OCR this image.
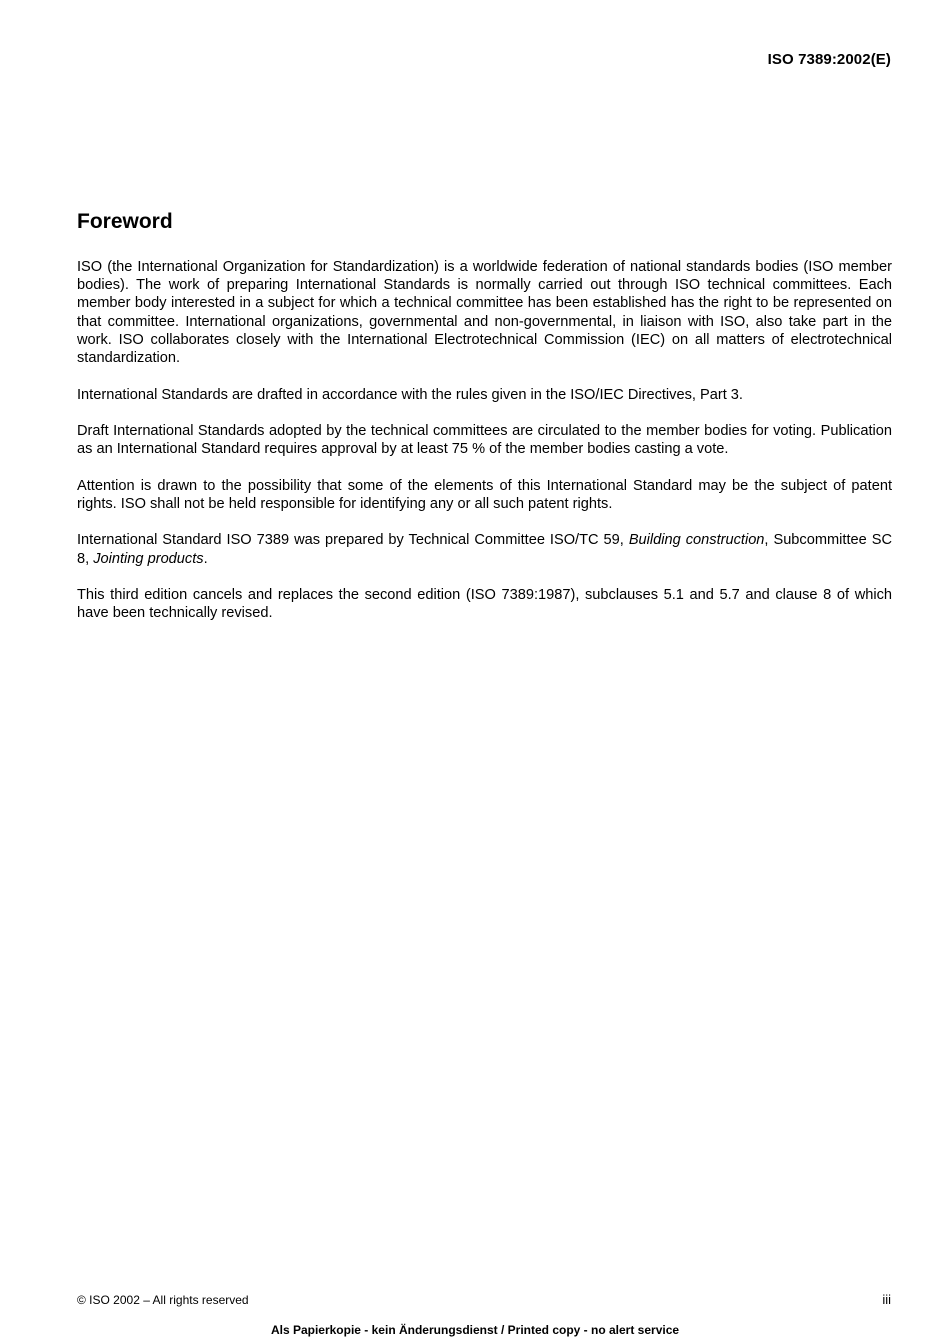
ISO 7389:2002(E)
Foreword

ISO (the International Organization for Standardization) is a worldwide federation of national standards bodies (ISO member bodies). The work of preparing International Standards is normally carried out through ISO technical committees. Each member body interested in a subject for which a technical committee has been established has the right to be represented on that committee. International organizations, governmental and non-governmental, in liaison with ISO, also take part in the work. ISO collaborates closely with the International Electrotechnical Commission (IEC) on all matters of electrotechnical standardization.

International Standards are drafted in accordance with the rules given in the ISO/IEC Directives, Part 3.

Draft International Standards adopted by the technical committees are circulated to the member bodies for voting. Publication as an International Standard requires approval by at least 75 % of the member bodies casting a vote.

Attention is drawn to the possibility that some of the elements of this International Standard may be the subject of patent rights. ISO shall not be held responsible for identifying any or all such patent rights.

International Standard ISO 7389 was prepared by Technical Committee ISO/TC 59, Building construction, Subcommittee SC 8, Jointing products.

This third edition cancels and replaces the second edition (ISO 7389:1987), subclauses 5.1 and 5.7 and clause 8 of which have been technically revised.

© ISO 2002 – All rights reserved	iii
Als Papierkopie - kein Änderungsdienst / Printed copy - no alert service
